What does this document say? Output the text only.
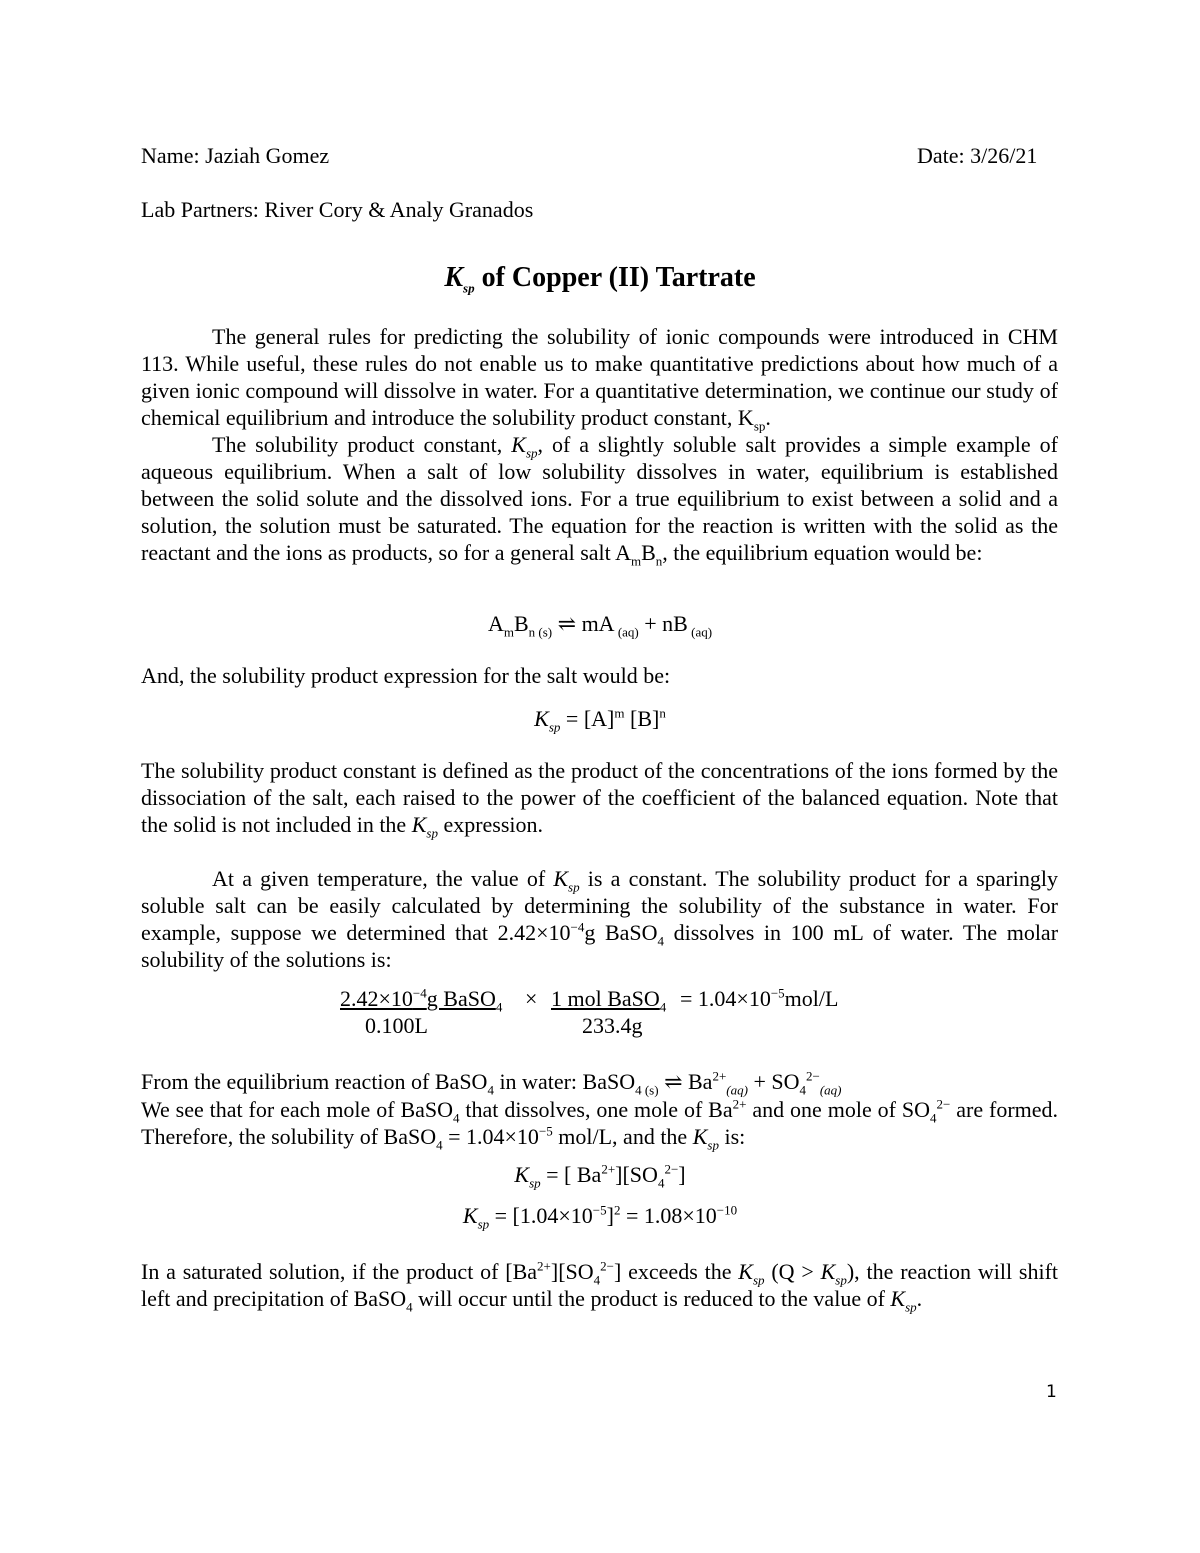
Name: Jaziah Gomez	Date: 3/26/21
Lab Partners: River Cory & Analy Granados
$K_{sp}$ of Copper (II) Tartrate

The general rules for predicting the solubility of ionic compounds were introduced in CHM 113. While useful, these rules do not enable us to make quantitative predictions about how much of a given ionic compound will dissolve in water. For a quantitative determination, we continue our study of chemical equilibrium and introduce the solubility product constant, $K_{sp}$.

The solubility product constant, $K_{sp}$, of a slightly soluble salt provides a simple example of aqueous equilibrium. When a salt of low solubility dissolves in water, equilibrium is established between the solid solute and the dissolved ions. For a true equilibrium to exist between a solid and a solution, the solution must be saturated. The equation for the reaction is written with the solid as the reactant and the ions as products, so for a general salt $A_mB_n$, the equilibrium equation would be:

$A_mB_{n (s)}$ ⇌ mA $_{(aq)}$ + nB $_{(aq)}$
And, the solubility product expression for the salt would be:
$K_{sp} = [A]^m$ $[B]^n$

The solubility product constant is defined as the product of the concentrations of the ions formed by the dissociation of the salt, each raised to the power of the coefficient of the balanced equation. Note that the solid is not included in the $K_{sp}$ expression.

At a given temperature, the value of $K_{sp}$ is a constant. The solubility product for a sparingly soluble salt can be easily calculated by determining the solubility of the substance in water. For example, suppose we determined that $2.42\times 10^{-4}g$ BaSO$_4$ dissolves in 100 mL of water. The molar solubility of the solutions is:

$2.42\times 10^{-4}g$ BaSO$_4$
0.100L
× 1 mol BaSO$_4$
233.4g
= $1.04\times 10^{-5}mol/L$
From the equilibrium reaction of BaSO$_4$ in water: BaSO$_{4 (s)}$ ⇌ $Ba^{2+}_{(aq)} + SO_4^{2-}_{(aq)}$

We see that for each mole of BaSO$_4$ that dissolves, one mole of $Ba^{2+}$ and one mole of $SO_4^{2-}$ are formed. Therefore, the solubility of BaSO$_4$ = $1.04\times 10^{-5}$ mol/L, and the $K_{sp}$ is:

$K_{sp}$ = [ $Ba^{2+}][SO_4^{2-}]$
$K_{sp} = [1.04\times 10^{-5}]^2 = 1.08\times 10^{-10}$

In a saturated solution, if the product of $[Ba^{2+}][SO_4^{2-}]$ exceeds the $K_{sp}$ $(Q > K_{sp})$, the reaction will shift left and precipitation of BaSO$_4$ will occur until the product is reduced to the value of $K_{sp}$.

1
